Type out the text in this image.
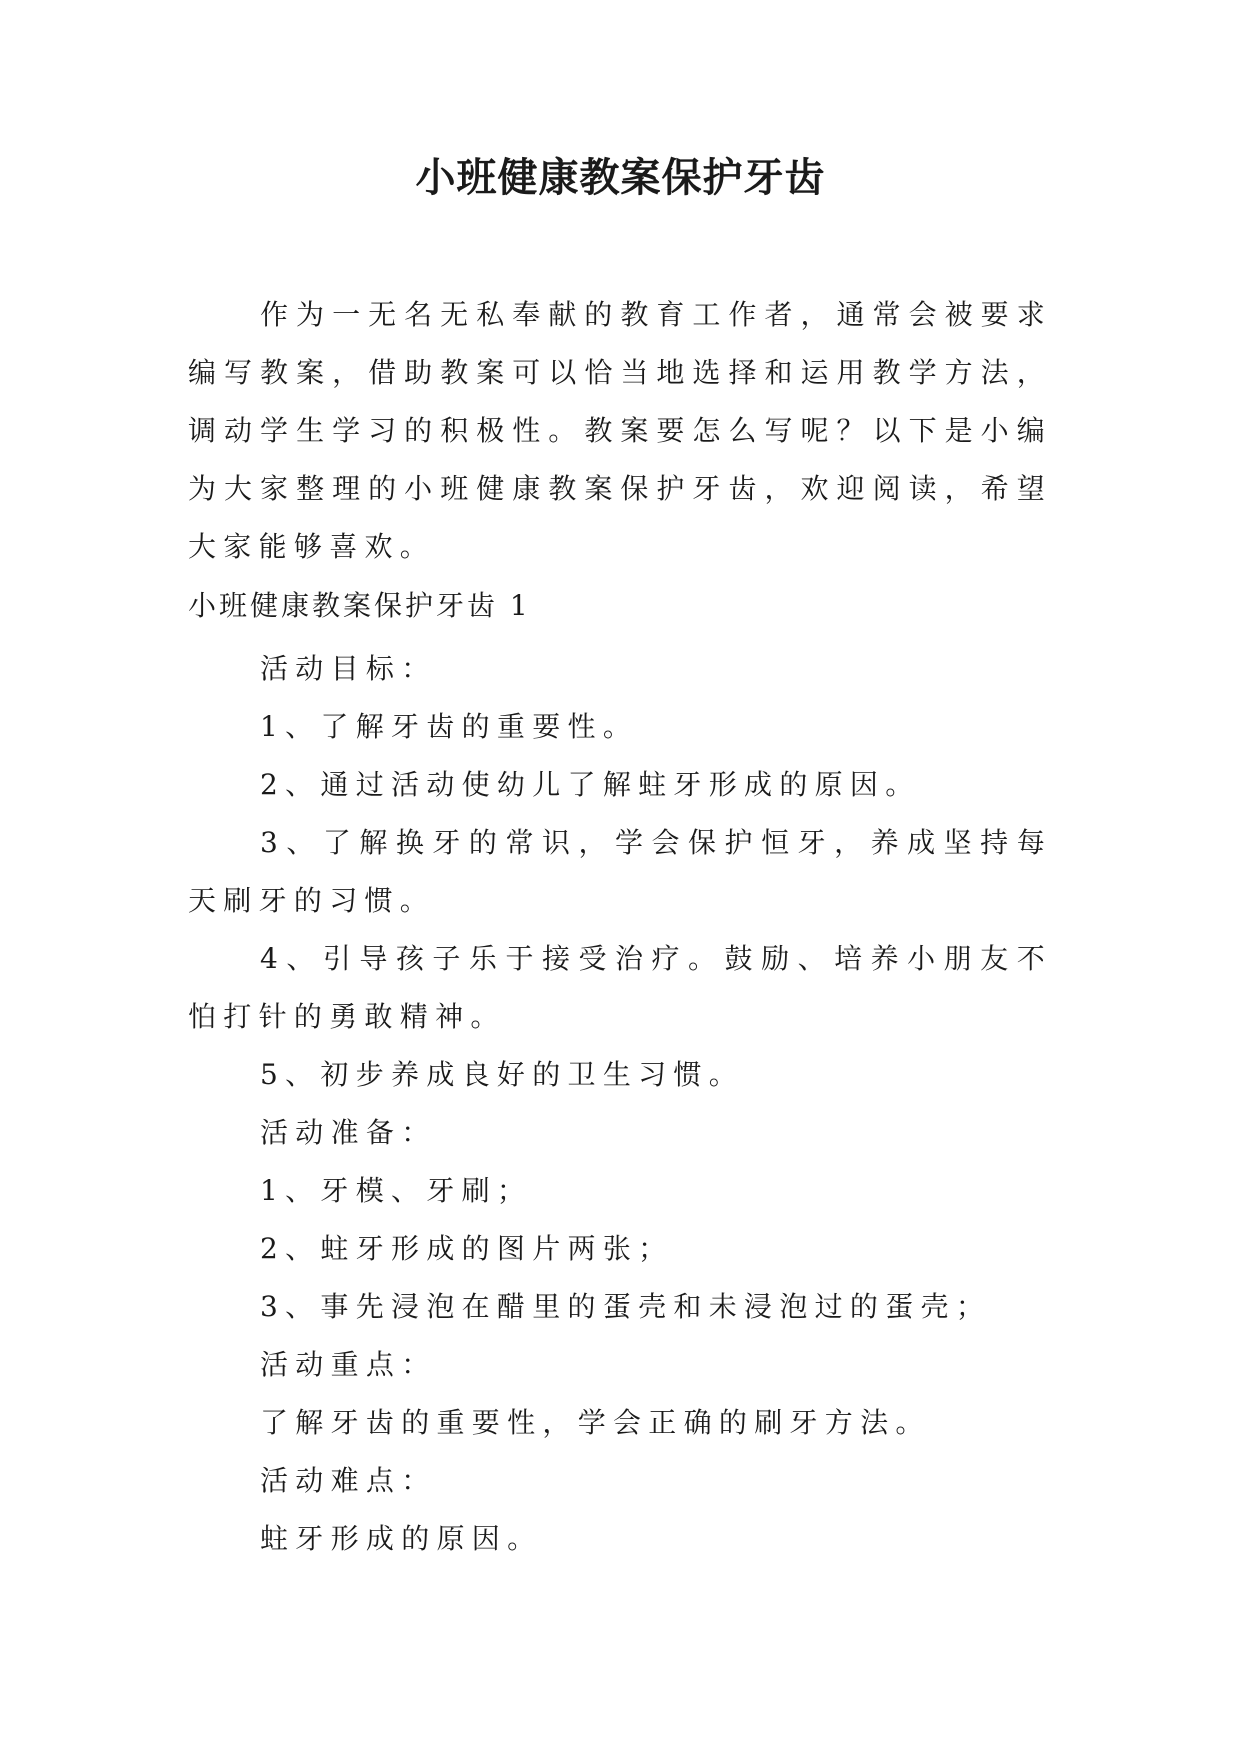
小班健康教案保护牙齿

作为一无名无私奉献的教育工作者，通常会被要求编写教案，借助教案可以恰当地选择和运用教学方法，调动学生学习的积极性。教案要怎么写呢？以下是小编为大家整理的小班健康教案保护牙齿，欢迎阅读，希望大家能够喜欢。

小班健康教案保护牙齿 1

活动目标：

1、了解牙齿的重要性。

2、通过活动使幼儿了解蛀牙形成的原因。

3、了解换牙的常识，学会保护恒牙，养成坚持每天刷牙的习惯。

4、引导孩子乐于接受治疗。鼓励、培养小朋友不怕打针的勇敢精神。

5、初步养成良好的卫生习惯。

活动准备：

1、牙模、牙刷；

2、蛀牙形成的图片两张；

3、事先浸泡在醋里的蛋壳和未浸泡过的蛋壳；

活动重点：

了解牙齿的重要性，学会正确的刷牙方法。

活动难点：

蛀牙形成的原因。
